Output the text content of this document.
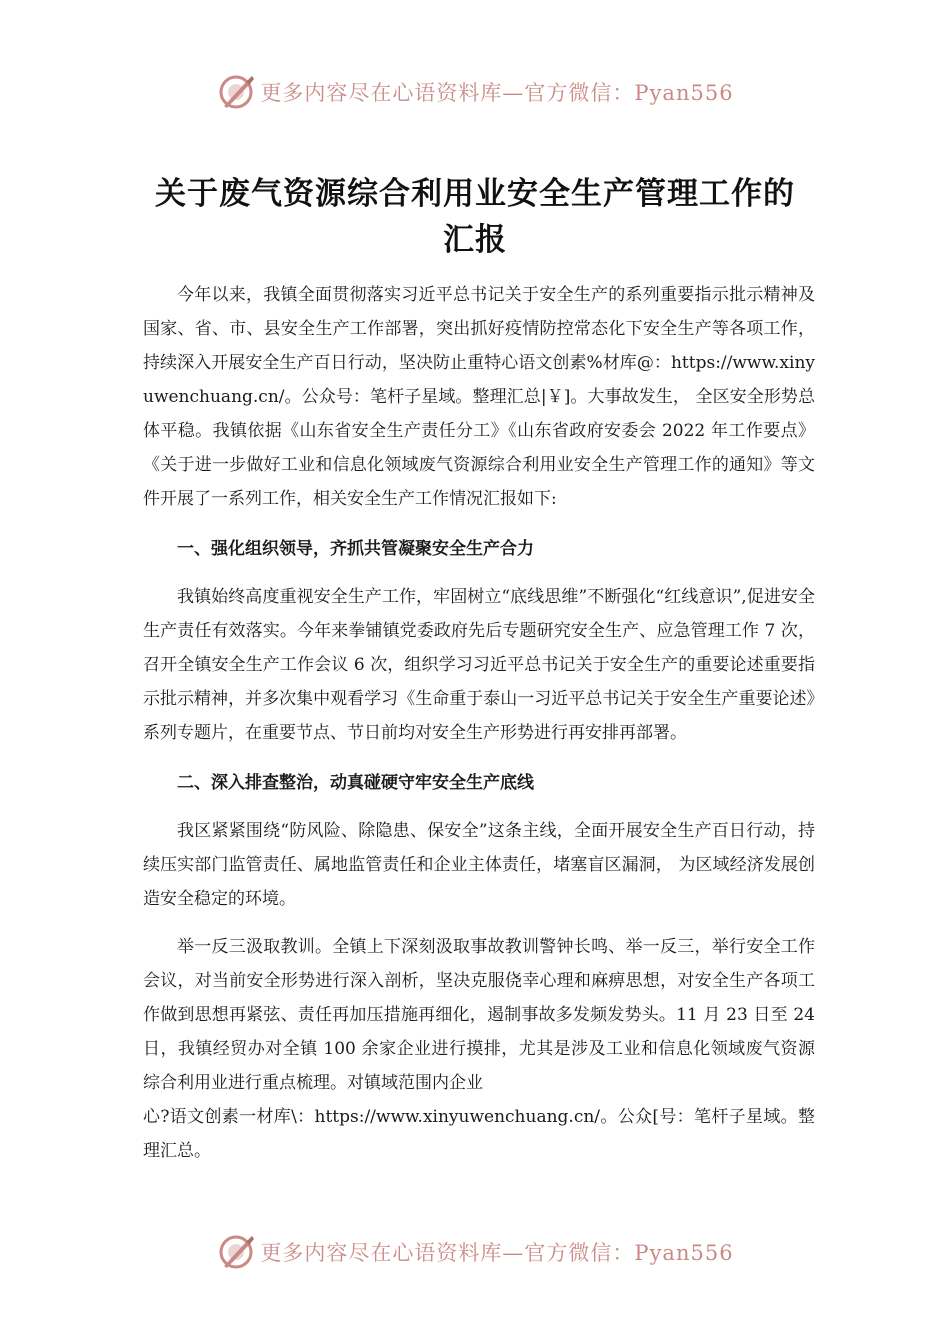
更多内容尽在心语资料库—官方微信：Pyan556
关于废气资源综合利用业安全生产管理工作的
汇报

今年以来，我镇全面贯彻落实习近平总书记关于安全生产的系列重要指示批示精神及国家、省、市、县安全生产工作部署，突出抓好疫情防控常态化下安全生产等各项工作，持续深入开展安全生产百日行动，坚决防止重特心语文创素%材库@：https://www.xinyuwenchuang.cn/。公众号：笔杆子星域。整理汇总|￥]。大事故发生， 全区安全形势总体平稳。我镇依据《山东省安全生产责任分工》《山东省政府安委会 2022 年工作要点》《关于进一步做好工业和信息化领域废气资源综合利用业安全生产管理工作的通知》等文件开展了一系列工作，相关安全生产工作情况汇报如下:

一、强化组织领导，齐抓共管凝聚安全生产合力

我镇始终高度重视安全生产工作，牢固树立“底线思维”不断强化“红线意识”,促进安全生产责任有效落实。今年来拳铺镇党委政府先后专题研究安全生产、应急管理工作 7 次，召开全镇安全生产工作会议 6 次，组织学习习近平总书记关于安全生产的重要论述重要指示批示精神，并多次集中观看学习《生命重于泰山一习近平总书记关于安全生产重要论述》系列专题片，在重要节点、节日前均对安全生产形势进行再安排再部署。

二、深入排查整治，动真碰硬守牢安全生产底线

我区紧紧围绕“防风险、除隐患、保安全”这条主线，全面开展安全生产百日行动，持续压实部门监管责任、属地监管责任和企业主体责任，堵塞盲区漏洞， 为区域经济发展创造安全稳定的环境。

举一反三汲取教训。全镇上下深刻汲取事故教训警钟长鸣、举一反三，举行安全工作会议，对当前安全形势进行深入剖析，坚决克服侥幸心理和麻痹思想，对安全生产各项工作做到思想再紧弦、责任再加压措施再细化，遏制事故多发频发势头。11 月 23 日至 24 日，我镇经贸办对全镇 100 余家企业进行摸排，尤其是涉及工业和信息化领域废气资源综合利用业进行重点梳理。对镇域范围内企业

心?语文创素一材库\：https://www.xinyuwenchuang.cn/。公众[号：笔杆子星域。整理汇总。

更多内容尽在心语资料库—官方微信：Pyan556
